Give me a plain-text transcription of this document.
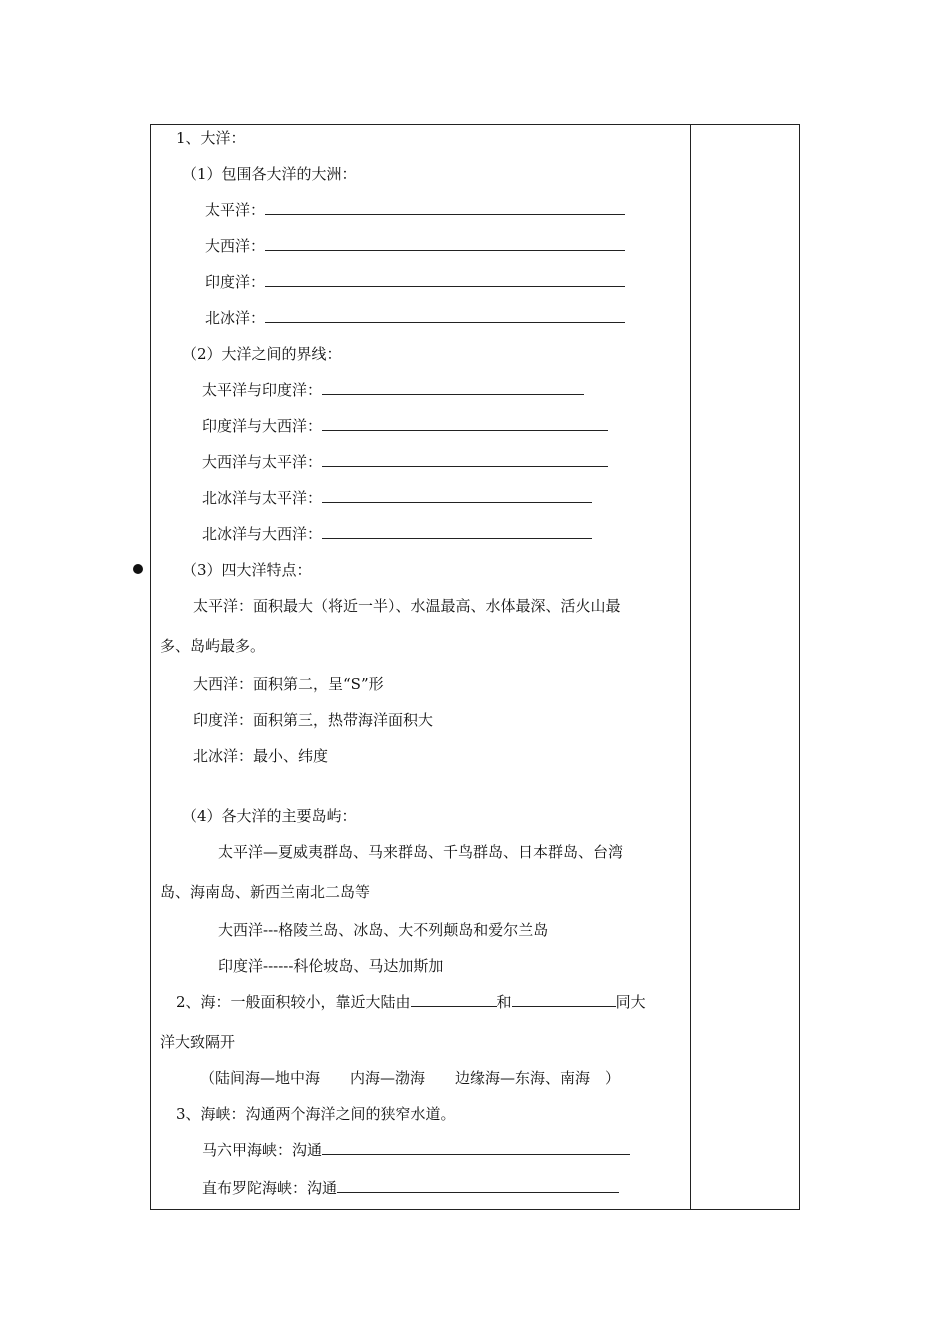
1、大洋：
（1）包围各大洋的大洲：
太平洋：
大西洋：
印度洋：
北冰洋：
（2）大洋之间的界线：
太平洋与印度洋：
印度洋与大西洋：
大西洋与太平洋：
北冰洋与太平洋：
北冰洋与大西洋：
（3）四大洋特点：
太平洋：面积最大（将近一半）、水温最高、水体最深、活火山最
多、岛屿最多。
大西洋：面积第二，呈“S”形
印度洋：面积第三，热带海洋面积大
北冰洋：最小、纬度
（4）各大洋的主要岛屿：
太平洋—夏威夷群岛、马来群岛、千鸟群岛、日本群岛、台湾
岛、海南岛、新西兰南北二岛等
大西洋---格陵兰岛、冰岛、大不列颠岛和爱尔兰岛
印度洋------科伦坡岛、马达加斯加
2、海：一般面积较小，靠近大陆由	和	同大
洋大致隔开
（陆间海—地中海　　内海—渤海　　边缘海—东海、南海　）
3、海峡：沟通两个海洋之间的狭窄水道。
马六甲海峡：沟通
直布罗陀海峡：沟通
